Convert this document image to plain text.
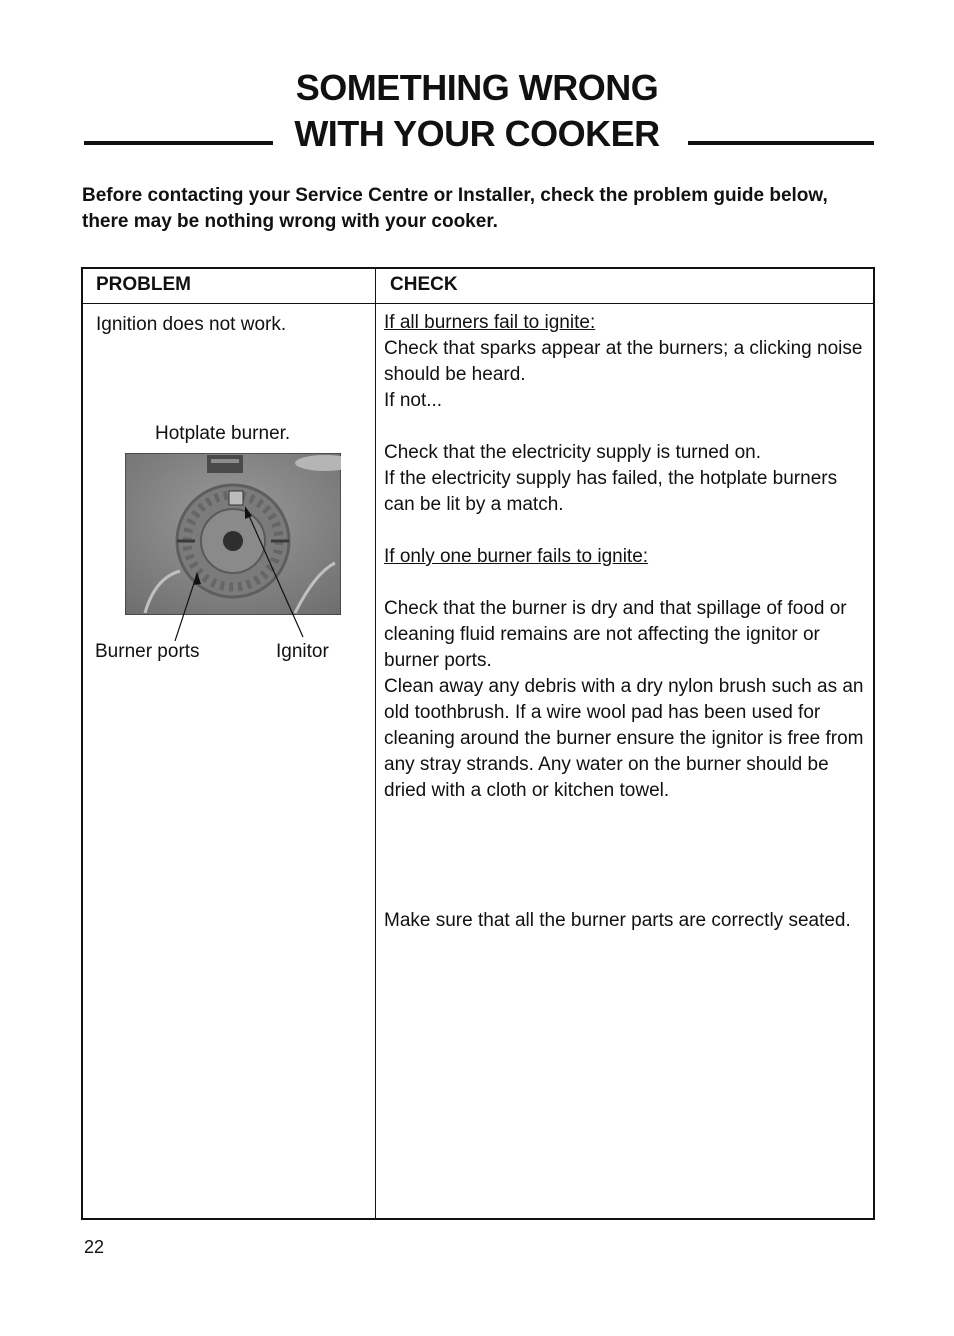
SOMETHING WRONG
WITH YOUR COOKER
Before contacting your Service Centre or Installer, check the problem guide below, there may be nothing wrong with your cooker.
PROBLEM	CHECK
Ignition does not work.
Hotplate burner.
Burner ports	Ignitor
If all burners fail to ignite:
Check that sparks appear at the burners; a clicking noise should be heard.
If not...
Check that the electricity supply is turned on.
If the electricity supply has failed, the hotplate burners can be lit by a match.
If only one burner fails to ignite:
Check that the burner is dry and that spillage of food or cleaning fluid remains are not affecting the ignitor or burner ports.
Clean away any debris with a dry nylon brush such as an old toothbrush. If a wire wool pad has been used for cleaning around the burner ensure the ignitor is free from any stray strands. Any water on the burner should be dried with a cloth or kitchen towel.
Make sure that all the burner parts are correctly seated.
22
